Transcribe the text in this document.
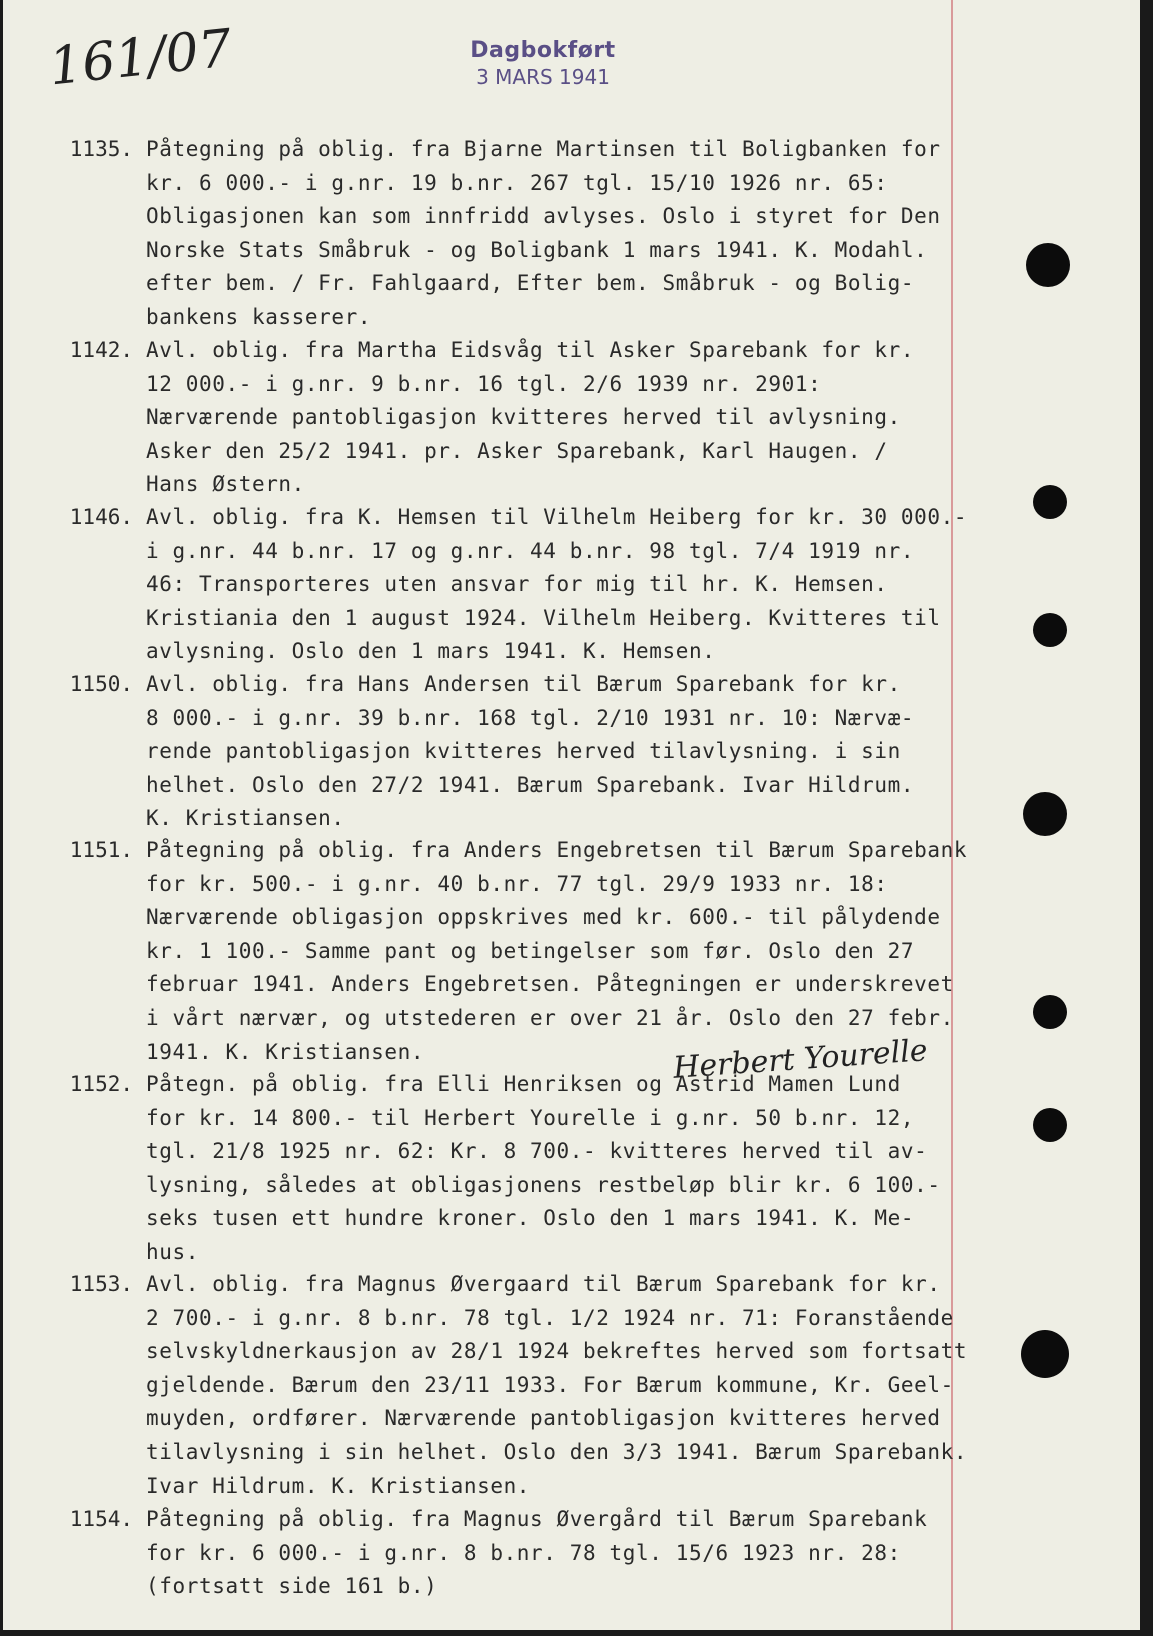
161/07	Dagbokført
3 MARS 1941
1135. Påtegning på oblig. fra Bjarne Martinsen til Boligbanken for
kr. 6 000.- i g.nr. 19 b.nr. 267 tgl. 15/10 1926 nr. 65:
Obligasjonen kan som innfridd avlyses. Oslo i styret for Den
Norske Stats Småbruk - og Boligbank 1 mars 1941. K. Modahl.
efter bem. / Fr. Fahlgaard, Efter bem. Småbruk - og Bolig-
bankens kasserer.
1142. Avl. oblig. fra Martha Eidsvåg til Asker Sparebank for kr.
12 000.- i g.nr. 9 b.nr. 16 tgl. 2/6 1939 nr. 2901:
Nærværende pantobligasjon kvitteres herved til avlysning.
Asker den 25/2 1941. pr. Asker Sparebank, Karl Haugen. /
Hans Østern.
1146. Avl. oblig. fra K. Hemsen til Vilhelm Heiberg for kr. 30 000.-
i g.nr. 44 b.nr. 17 og g.nr. 44 b.nr. 98 tgl. 7/4 1919 nr.
46: Transporteres uten ansvar for mig til hr. K. Hemsen.
Kristiania den 1 august 1924. Vilhelm Heiberg. Kvitteres til
avlysning. Oslo den 1 mars 1941. K. Hemsen.
1150. Avl. oblig. fra Hans Andersen til Bærum Sparebank for kr.
8 000.- i g.nr. 39 b.nr. 168 tgl. 2/10 1931 nr. 10: Nærvæ-
rende pantobligasjon kvitteres herved tilavlysning. i sin
helhet. Oslo den 27/2 1941. Bærum Sparebank. Ivar Hildrum.
K. Kristiansen.
1151. Påtegning på oblig. fra Anders Engebretsen til Bærum Sparebank
for kr. 500.- i g.nr. 40 b.nr. 77 tgl. 29/9 1933 nr. 18:
Nærværende obligasjon oppskrives med kr. 600.- til pålydende
kr. 1 100.- Samme pant og betingelser som før. Oslo den 27
februar 1941. Anders Engebretsen. Påtegningen er underskrevet
i vårt nærvær, og utstederen er over 21 år. Oslo den 27 febr.
1941. K. Kristiansen.
1152. Påtegn. på oblig. fra Elli Henriksen og Astrid Mamen Lund
for kr. 14 800.- til Herbert Yourelle i g.nr. 50 b.nr. 12,
tgl. 21/8 1925 nr. 62: Kr. 8 700.- kvitteres herved til av-
lysning, således at obligasjonens restbeløp blir kr. 6 100.-
seks tusen ett hundre kroner. Oslo den 1 mars 1941. K. Me-
hus.
1153. Avl. oblig. fra Magnus Øvergaard til Bærum Sparebank for kr.
2 700.- i g.nr. 8 b.nr. 78 tgl. 1/2 1924 nr. 71: Foranstående
selvskyldnerkausjon av 28/1 1924 bekreftes herved som fortsatt
gjeldende. Bærum den 23/11 1933. For Bærum kommune, Kr. Geel-
muyden, ordfører. Nærværende pantobligasjon kvitteres herved
tilavlysning i sin helhet. Oslo den 3/3 1941. Bærum Sparebank.
Ivar Hildrum. K. Kristiansen.
1154. Påtegning på oblig. fra Magnus Øvergård til Bærum Sparebank
for kr. 6 000.- i g.nr. 8 b.nr. 78 tgl. 15/6 1923 nr. 28:
(fortsatt side 161 b.)
Herbert Yourelle
